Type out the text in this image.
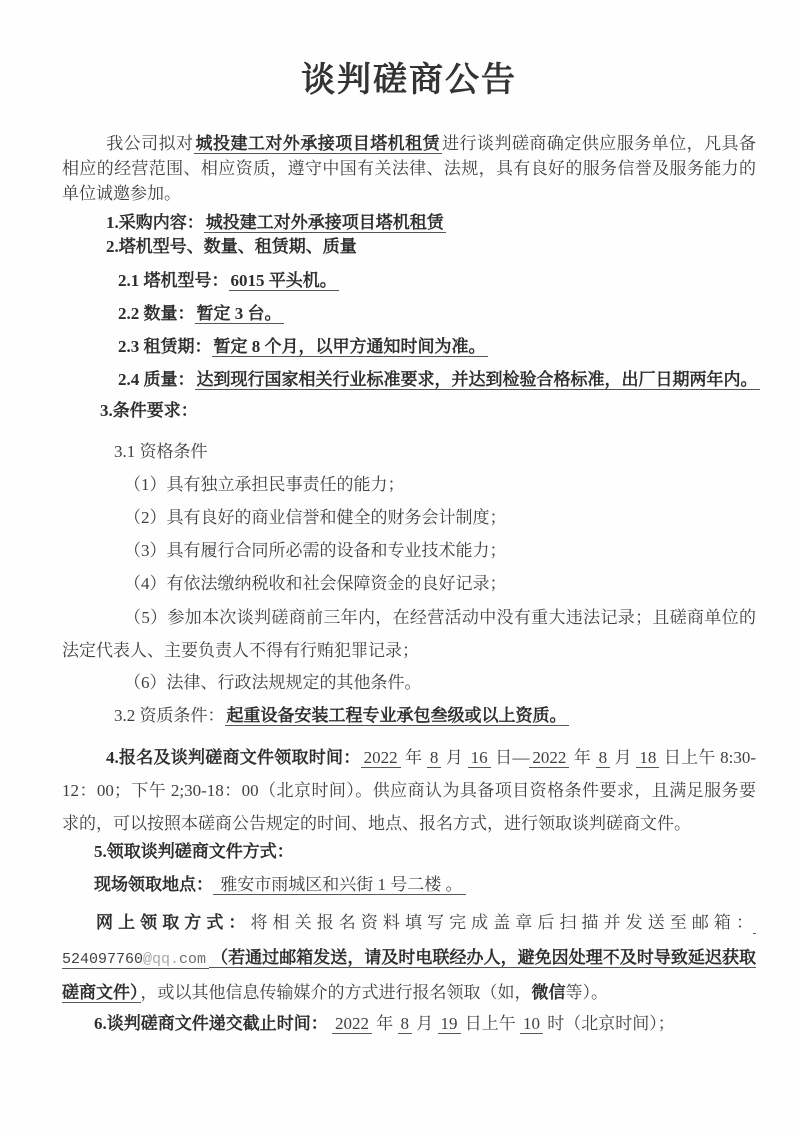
谈判磋商公告

我公司拟对 城投建工对外承接项目塔机租赁 进行谈判磋商确定供应服务单位，凡具备相应的经营范围、相应资质，遵守中国有关法律、法规，具有良好的服务信誉及服务能力的单位诚邀参加。

1.采购内容： 城投建工对外承接项目塔机租赁

2.塔机型号、数量、租赁期、质量

2.1 塔机型号： 6015 平头机。

2.2 数量： 暂定 3 台。

2.3 租赁期： 暂定 8 个月，以甲方通知时间为准。

2.4 质量： 达到现行国家相关行业标准要求，并达到检验合格标准，出厂日期两年内。

3.条件要求：

3.1 资格条件

（1）具有独立承担民事责任的能力；

（2）具有良好的商业信誉和健全的财务会计制度；

（3）具有履行合同所必需的设备和专业技术能力；

（4）有依法缴纳税收和社会保障资金的良好记录；

（5）参加本次谈判磋商前三年内，在经营活动中没有重大违法记录；且磋商单位的法定代表人、主要负责人不得有行贿犯罪记录；

（6）法律、行政法规规定的其他条件。

3.2 资质条件： 起重设备安装工程专业承包叁级或以上资质。

4.报名及谈判磋商文件领取时间： 2022 年 8 月 16 日— 2022 年 8 月 18 日上午 8:30-12：00；下午 2;30-18：00（北京时间）。供应商认为具备项目资格条件要求，且满足服务要求的，可以按照本磋商公告规定的时间、地点、报名方式，进行领取谈判磋商文件。

5.领取谈判磋商文件方式：

现场领取地点： 雅安市雨城区和兴街 1 号二楼 。

网上领取方式：将相关报名资料填写完成盖章后扫描并发送至邮箱： 524097760@qq.com （若通过邮箱发送，请及时电联经办人，避免因处理不及时导致延迟获取磋商文件） ，或以其他信息传输媒介的方式进行报名领取（如，微信等）。

6.谈判磋商文件递交截止时间： 2022 年 8 月 19 日上午 10 时（北京时间）；
